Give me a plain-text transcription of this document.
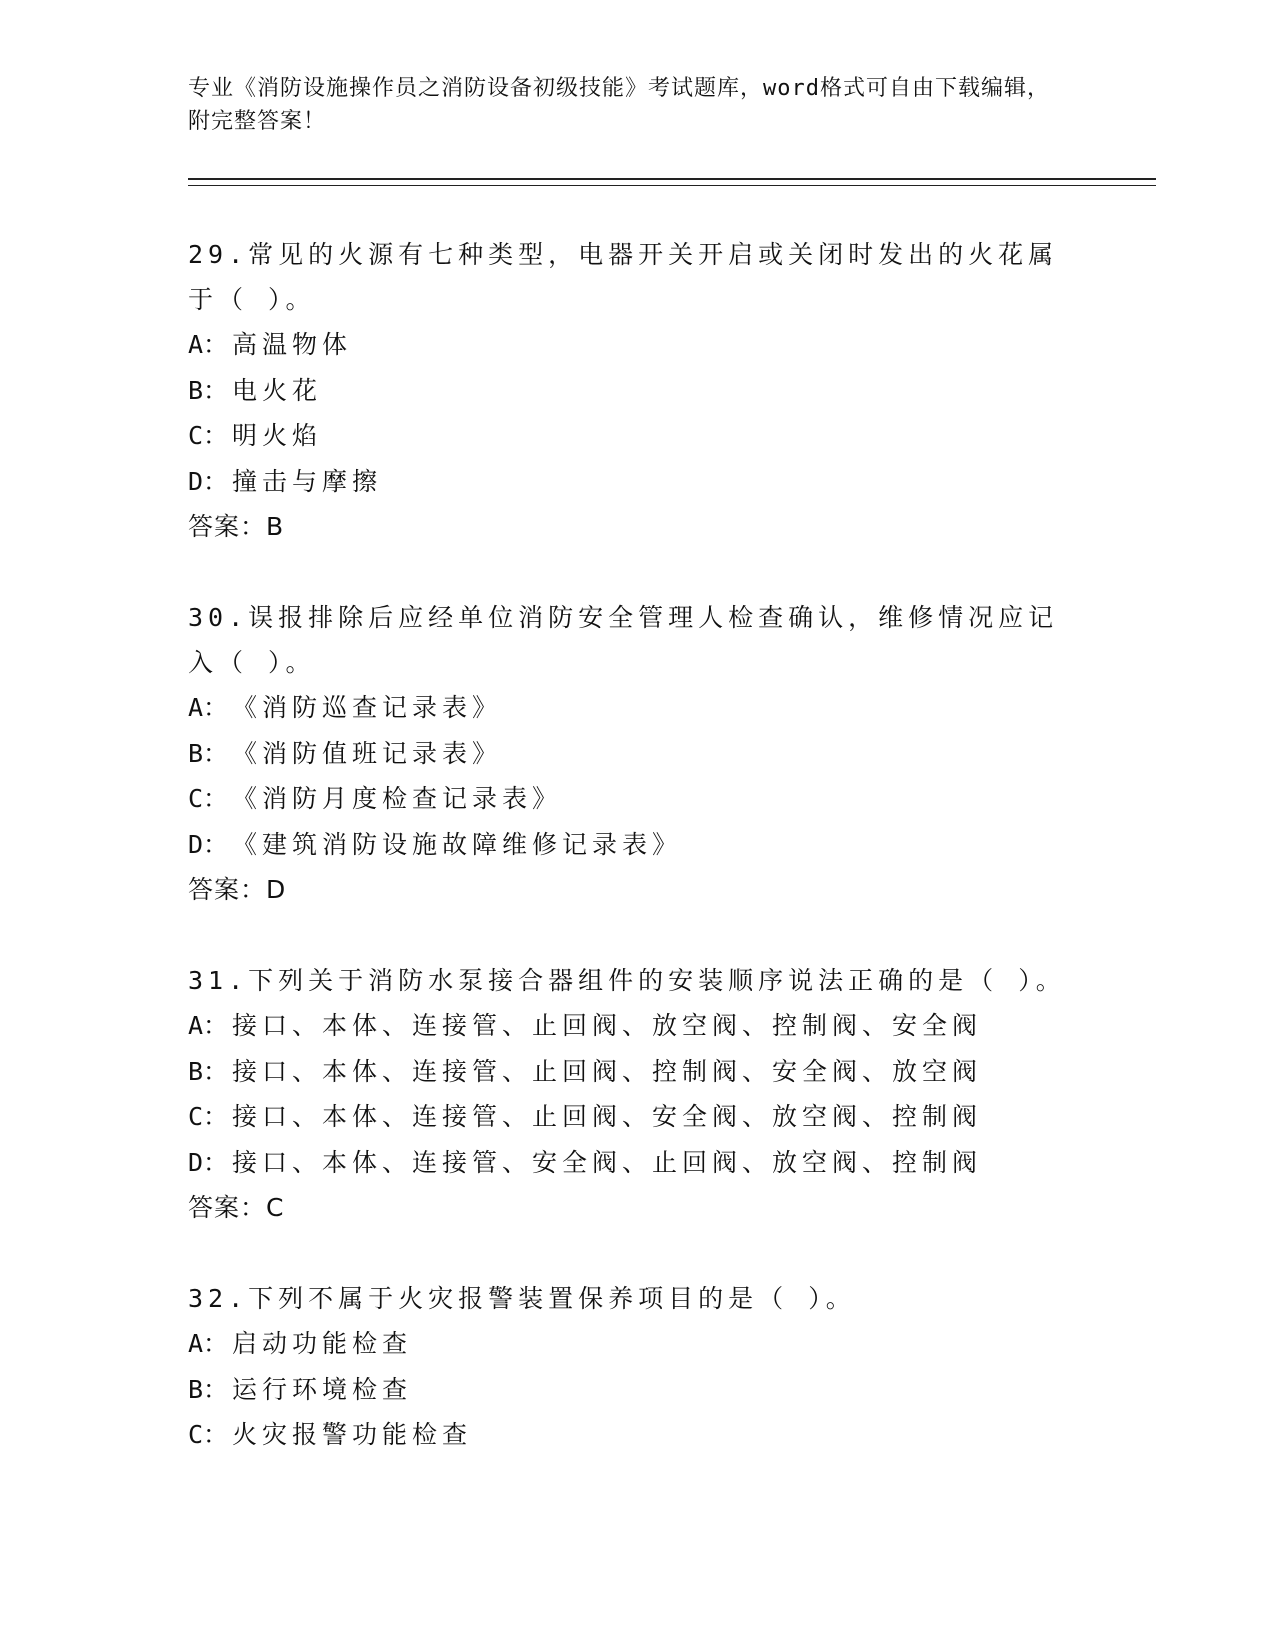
专业《消防设施操作员之消防设备初级技能》考试题库，word格式可自由下载编辑，附完整答案！

29.常见的火源有七种类型，电器开关开启或关闭时发出的火花属于（ ）。

A： 高温物体

B： 电火花

C： 明火焰

D： 撞击与摩擦

答案：B

30.误报排除后应经单位消防安全管理人检查确认，维修情况应记入（ ）。

A： 《消防巡查记录表》

B： 《消防值班记录表》

C： 《消防月度检查记录表》

D： 《建筑消防设施故障维修记录表》

答案：D

31.下列关于消防水泵接合器组件的安装顺序说法正确的是（ ）。

A： 接口、本体、连接管、止回阀、放空阀、控制阀、安全阀

B： 接口、本体、连接管、止回阀、控制阀、安全阀、放空阀

C： 接口、本体、连接管、止回阀、安全阀、放空阀、控制阀

D： 接口、本体、连接管、安全阀、止回阀、放空阀、控制阀

答案：C

32.下列不属于火灾报警装置保养项目的是（ ）。

A： 启动功能检查

B： 运行环境检查

C： 火灾报警功能检查
